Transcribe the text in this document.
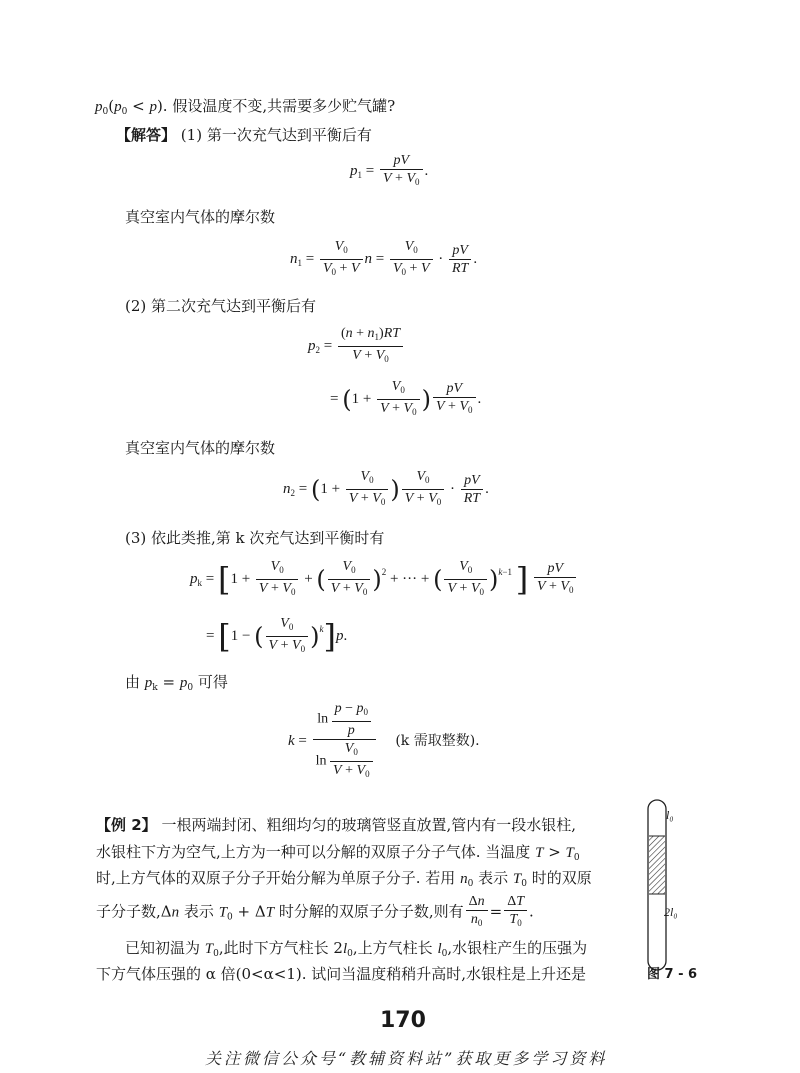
$p_0(p_0 < p)$. 假设温度不变,共需要多少贮气罐?
【解答】 (1) 第一次充气达到平衡后有
$p_1 = \frac{pV}{V + V_0}$ .
真空室内气体的摩尔数
$n_1 = \frac{V_0}{V_0 + V}$ $n = \frac{V_0}{V_0 + V} \cdot \frac{pV}{RT}$ .
(2) 第二次充气达到平衡后有
$p_2 = \frac{(n + n_1)RT}{V + V_0}$
= ($1 + \frac{V_0}{V + V_0}$ ) $\frac{pV}{V + V_0}$ .
真空室内气体的摩尔数
$n_2 = (1 + \frac{V_0}{V + V_0}$ ) $\frac{V_0}{V + V_0} \cdot \frac{pV}{RT}$ .
(3) 依此类推,第 k 次充气达到平衡时有
$p_k = [1 + \frac{V_0}{V + V_0}$ + ( $\frac{V_0}{V + V_0} )^2$ + ··· + ( $\frac{V_0}{V + V_0} )^{k-1}$ ] $\frac{pV}{V + V_0}$
= [1 − ( $\frac{V_0}{V + V_0} )^k]p$.
由 $p_k = p_0$ 可得
$k = \frac{\ln \frac{p - p_0}{p}}{\ln \frac{V_0}{V + V_0}} (k$ 需取整数).
【例 2】 一根两端封闭、粗细均匀的玻璃管竖直放置,管内有一段水银柱,
水银柱下方为空气,上方为一种可以分解的双原子分子气体. 当温度 $T > T_0$
时,上方气体的双原子分子开始分解为单原子分子. 若用 $n_0$ 表示 $T_0$ 时的双原
子分子数,Δn 表示 $T_0 + \Delta T$ 时分解的双原子分子数,则有 $\frac{\Delta n}{n_0} = \frac{\Delta T}{T_0}$ .
已知初温为 $T_0$,此时下方气柱长 $2l_0$,上方气柱长 $l_0$,水银柱产生的压强为
下方气体压强的 α 倍(0<α<1). 试问当温度稍稍升高时,水银柱是上升还是
l₀
2l₀
图 7 - 6
170
关注微信公众号“教辅资料站”获取更多学习资料
